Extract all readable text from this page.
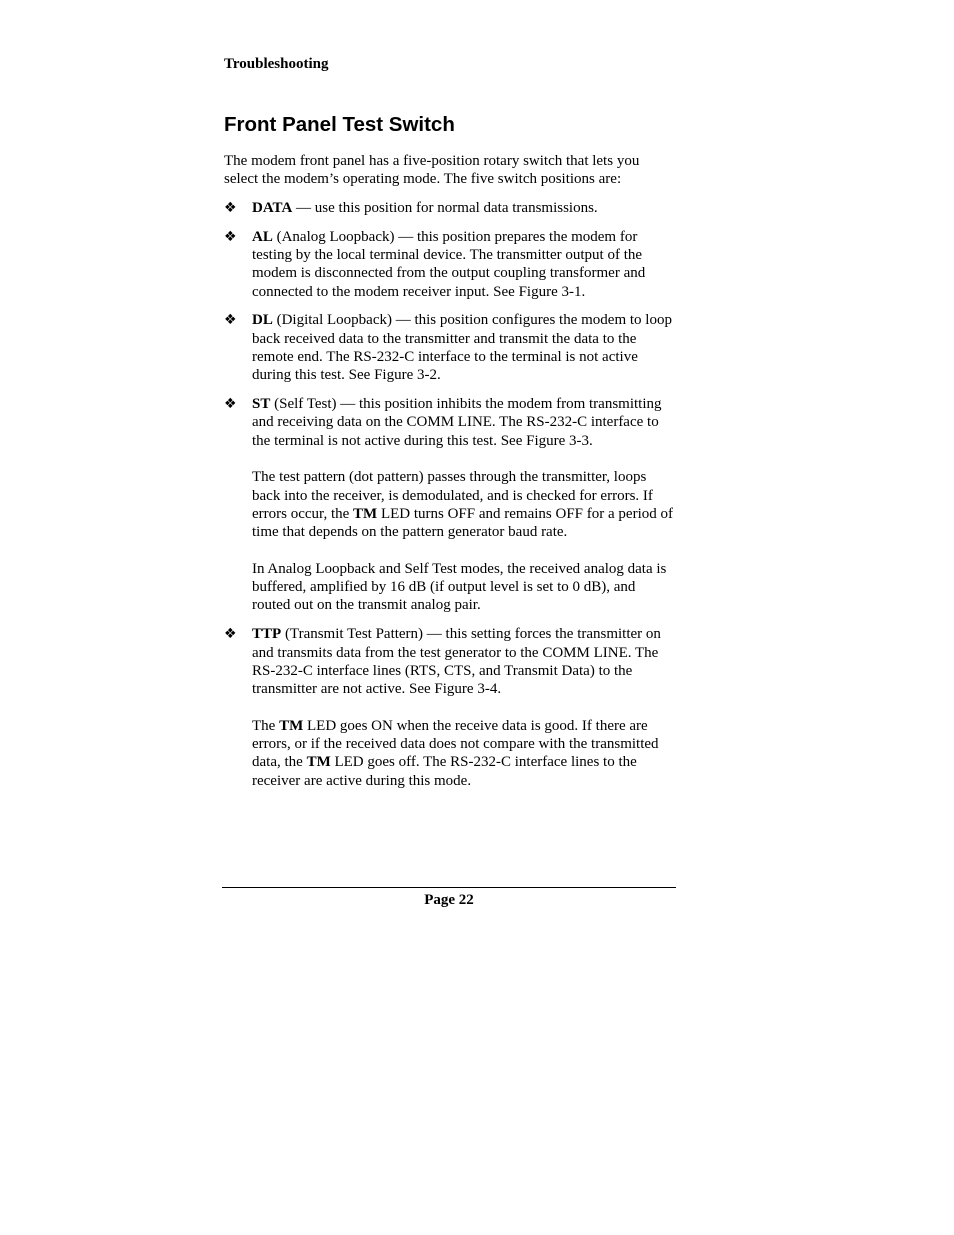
Troubleshooting
Front Panel Test Switch

The modem front panel has a five-position rotary switch that lets you select the modem’s operating mode. The five switch positions are:

❖ DATA — use this position for normal data transmissions.

❖ AL (Analog Loopback) — this position prepares the modem for testing by the local terminal device. The transmitter output of the modem is disconnected from the output coupling transformer and connected to the modem receiver input. See Figure 3-1.

❖ DL (Digital Loopback) — this position configures the modem to loop back received data to the transmitter and transmit the data to the remote end. The RS-232-C interface to the terminal is not active during this test. See Figure 3-2.

❖ ST (Self Test) — this position inhibits the modem from transmitting and receiving data on the COMM LINE. The RS-232-C interface to the terminal is not active during this test. See Figure 3-3.

The test pattern (dot pattern) passes through the transmitter, loops back into the receiver, is demodulated, and is checked for errors. If errors occur, the TM LED turns OFF and remains OFF for a period of time that depends on the pattern generator baud rate.

In Analog Loopback and Self Test modes, the received analog data is buffered, amplified by 16 dB (if output level is set to 0 dB), and routed out on the transmit analog pair.

❖ TTP (Transmit Test Pattern) — this setting forces the transmitter on and transmits data from the test generator to the COMM LINE. The RS-232-C interface lines (RTS, CTS, and Transmit Data) to the transmitter are not active. See Figure 3-4.

The TM LED goes ON when the receive data is good. If there are errors, or if the received data does not compare with the transmitted data, the TM LED goes off. The RS-232-C interface lines to the receiver are active during this mode.

Page 22
